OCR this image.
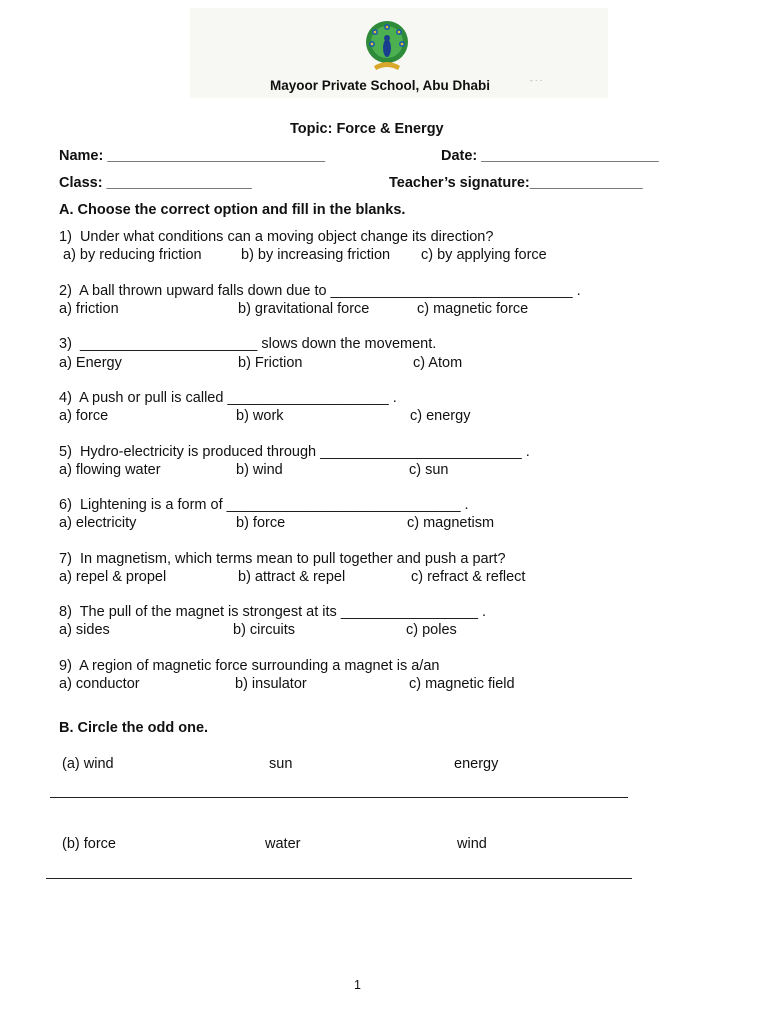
Mayoor Private School, Abu Dhabi	- · ·
Topic: Force & Energy
Name: ___________________________	Date: ______________________
Class: __________________	Teacher’s signature:______________
A. Choose the correct option and fill in the blanks.
1)  Under what conditions can a moving object change its direction?
a) by reducing friction	b) by increasing friction c) by applying force
2)  A ball thrown upward falls down due to ______________________________ .
a) friction	b) gravitational force	c) magnetic force
3)  ______________________ slows down the movement.
a) Energy	b) Friction	c) Atom
4)  A push or pull is called ____________________ .
a) force	b) work	c) energy
5)  Hydro-electricity is produced through _________________________ .
a) flowing water	b) wind	c) sun
6)  Lightening is a form of _____________________________ .
a) electricity	b) force	c) magnetism
7)  In magnetism, which terms mean to pull together and push a part?
a) repel & propel	b) attract & repel	c) refract & reflect
8)  The pull of the magnet is strongest at its _________________ .
a) sides	b) circuits	c) poles
9)  A region of magnetic force surrounding a magnet is a/an
a) conductor	b) insulator	c) magnetic field
B. Circle the odd one.
(a) wind	sun	energy
(b) force	water	wind
1
